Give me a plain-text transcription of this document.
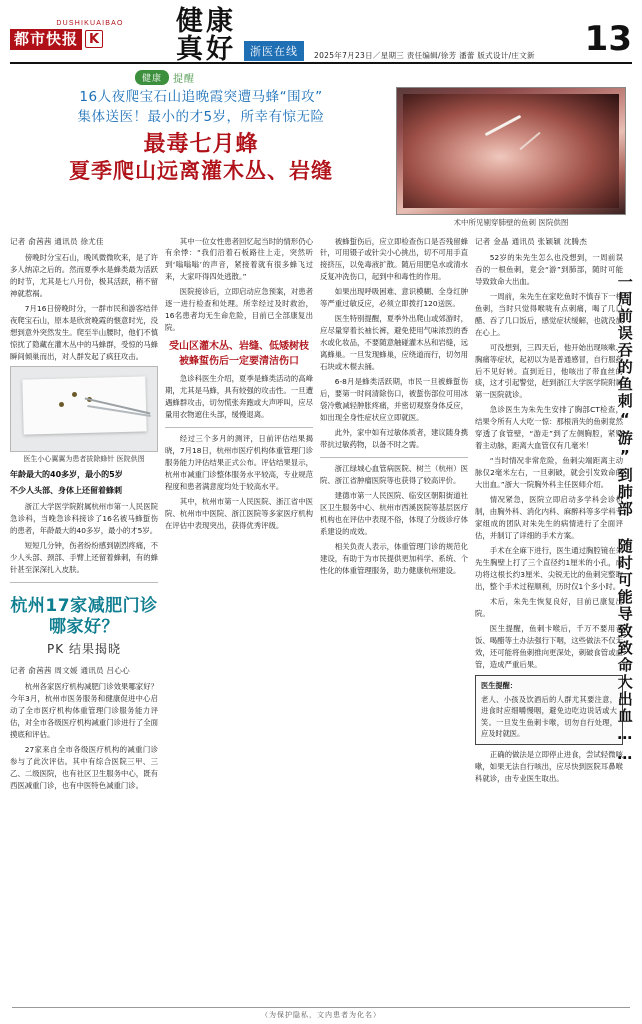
DUSHIKUAIBAO
都市快报 K
健康
真好	浙医在线	2025年7月23日／星期三 责任编辑/徐芳 潘蕾 版式设计/庄文新 13
健康	提醒
16人夜爬宝石山追晚霞突遭马蜂“围攻”
集体送医！最小的才5岁，所幸有惊无险
最毒七月蜂
夏季爬山远离灌木丛、岩缝
术中所见剔穿肺壁的鱼刺 医院供图
记者 俞茜茜 通讯员 徐尤佳

傍晚时分宝石山，晚风微微吹来，是了许多人纳凉之后的。然而夏季水是蜂类最为活跃的时节，尤其是七八月份，极其活跃，稍不留神就惹祸。

7月16日傍晚时分，一群市民和游客结伴夜爬宝石山，原本是欣赏晚霞的惬意时光，没想到意外突然发生。爬至半山腰时，他们不慎惊扰了隐藏在灌木丛中的马蜂群，受惊的马蜂瞬间倾巢而出，对人群发起了疯狂攻击。

医生小心翼翼为患者拔除蜂针 医院供图

年龄最大的40多岁，最小的5岁

不少人头部、身体上还留着蜂刺

浙江大学医学院附属杭州市第一人民医院急诊科，当晚急诊科接诊了16名被马蜂蜇伤的患者，年龄最大的40多岁，最小的才5岁。

短短几分钟，伤者纷纷感到剧烈疼痛，不少人头部、颈部、手臂上还留着蜂刺，有的蜂针甚至深深扎入皮肤。

杭州17家减肥门诊哪家好？
PK 结果揭晓
记者 俞茜茜 周文媛 通讯员 吕心心

杭州各家医疗机构减肥门诊效果哪家好？今年3月，杭州市医务服务和健康促进中心启动了全市医疗机构体重管理门诊服务能力评估，对全市各级医疗机构减重门诊进行了全面摸底和评估。

27家来自全市各级医疗机构的减重门诊参与了此次评估。其中有综合医院三甲、三乙、二级医院，也有社区卫生服务中心，既有西医减重门诊，也有中医特色减重门诊。

其中一位女性患者回忆起当时的情形仍心有余悸：“我们沿着石板路往上走，突然听到‘嗡嗡嗡’的声音，紧接着就有很多蜂飞过来，大家吓得四处逃散。”

医院接诊后，立即启动应急预案，对患者逐一进行检查和处理。所幸经过及时救治，16名患者均无生命危险，目前已全部康复出院。

受山区灌木丛、岩缝、低矮树枝被蜂蜇伤后一定要清洁伤口

急诊科医生介绍，夏季是蜂类活动的高峰期，尤其是马蜂，具有较强的攻击性。一旦遭遇蜂群攻击，切勿慌张奔跑或大声呼叫，应尽量用衣物遮住头部，缓慢退离。

经过三个多月的测评，日前评估结果揭晓，7月18日，杭州市医疗机构体重管理门诊服务能力评估结果正式公布。评估结果显示，杭州市减重门诊整体服务水平较高，专业规范程度和患者满意度均处于较高水平。

其中，杭州市第一人民医院、浙江省中医院、杭州市中医院、浙江医院等多家医疗机构在评估中表现突出，获得优秀评级。

被蜂蜇伤后，应立即检查伤口是否残留蜂针，可用镊子或针尖小心挑出，切不可用手直接挤压，以免毒液扩散。随后用肥皂水或清水反复冲洗伤口，起到中和毒性的作用。

如果出现呼吸困难、意识模糊、全身红肿等严重过敏反应，必须立即拨打120送医。

医生特别提醒，夏季外出爬山或郊游时，应尽量穿着长袖长裤，避免使用气味浓烈的香水或化妆品，不要随意触碰灌木丛和岩缝，远离蜂巢。一旦发现蜂巢，应绕道而行，切勿用石块或木棍去捅。

6-8月是蜂类活跃期，市民一旦被蜂蜇伤后，要第一时间清除伤口，被蜇伤部位可用冰袋冷敷减轻肿胀疼痛，并密切观察身体反应，如出现全身性症状应立即就医。

此外，家中如有过敏体质者，建议随身携带抗过敏药物，以备不时之需。

浙江绿城心血管病医院、树兰（杭州）医院、浙江省肿瘤医院等也获得了较高评价。

建德市第一人民医院、临安区朝阳街道社区卫生服务中心、杭州市西溪医院等基层医疗机构也在评估中表现不俗，体现了分级诊疗体系建设的成效。

相关负责人表示，体重管理门诊的规范化建设，有助于为市民提供更加科学、系统、个性化的体重管理服务，助力健康杭州建设。

记者 金晶 通讯员 张颖颖 沈腾杰

52岁的朱先生怎么也没想到，一周前误吞的一根鱼刺，竟会“游”到肺部，随时可能导致致命大出血。

一周前，朱先生在家吃鱼时不慎吞下一根鱼刺，当时只觉得喉咙有点刺痛，喝了几口醋、吞了几口饭后，感觉症状缓解，也就没放在心上。

可没想到，三四天后，他开始出现咳嗽、胸痛等症状，起初以为是普通感冒，自行服药后不见好转。直到近日，他咳出了带血丝的痰，这才引起警觉，赶到浙江大学医学院附属第一医院就诊。

急诊医生为朱先生安排了胸部CT检查，结果令所有人大吃一惊：那根消失的鱼刺竟然穿透了食管壁，“游走”到了左侧胸腔，紧贴着主动脉，距离大血管仅有几毫米！

“当时情况非常危险，鱼刺尖端距离主动脉仅2毫米左右，一旦刺破，就会引发致命的大出血。”浙大一院胸外科主任医师介绍。

情况紧急，医院立即启动多学科会诊机制，由胸外科、消化内科、麻醉科等多学科专家组成的团队对朱先生的病情进行了全面评估，并制订了详细的手术方案。

手术在全麻下进行，医生通过胸腔镜在朱先生胸壁上打了三个直径约1厘米的小孔，成功将这根长约3厘米、尖锐无比的鱼刺完整取出，整个手术过程顺利，历时仅1个多小时。

术后，朱先生恢复良好，目前已康复出院。

医生提醒，鱼刺卡喉后，千万不要用吞饭、喝醋等土办法强行下咽，这些做法不仅无效，还可能将鱼刺推向更深处，刺破食管或血管，造成严重后果。

医生提醒：
老人、小孩及饮酒后的人群尤其要注意，进食时应细嚼慢咽，避免边吃边说话或大笑。一旦发生鱼刺卡喉，切勿自行处理，应及时就医。

正确的做法是立即停止进食，尝试轻微咳嗽，如果无法自行咳出，应尽快到医院耳鼻喉科就诊，由专业医生取出。

一周前误吞的鱼刺“游”到肺部 随时可能导致致命大出血……
（为保护隐私，文内患者为化名）
